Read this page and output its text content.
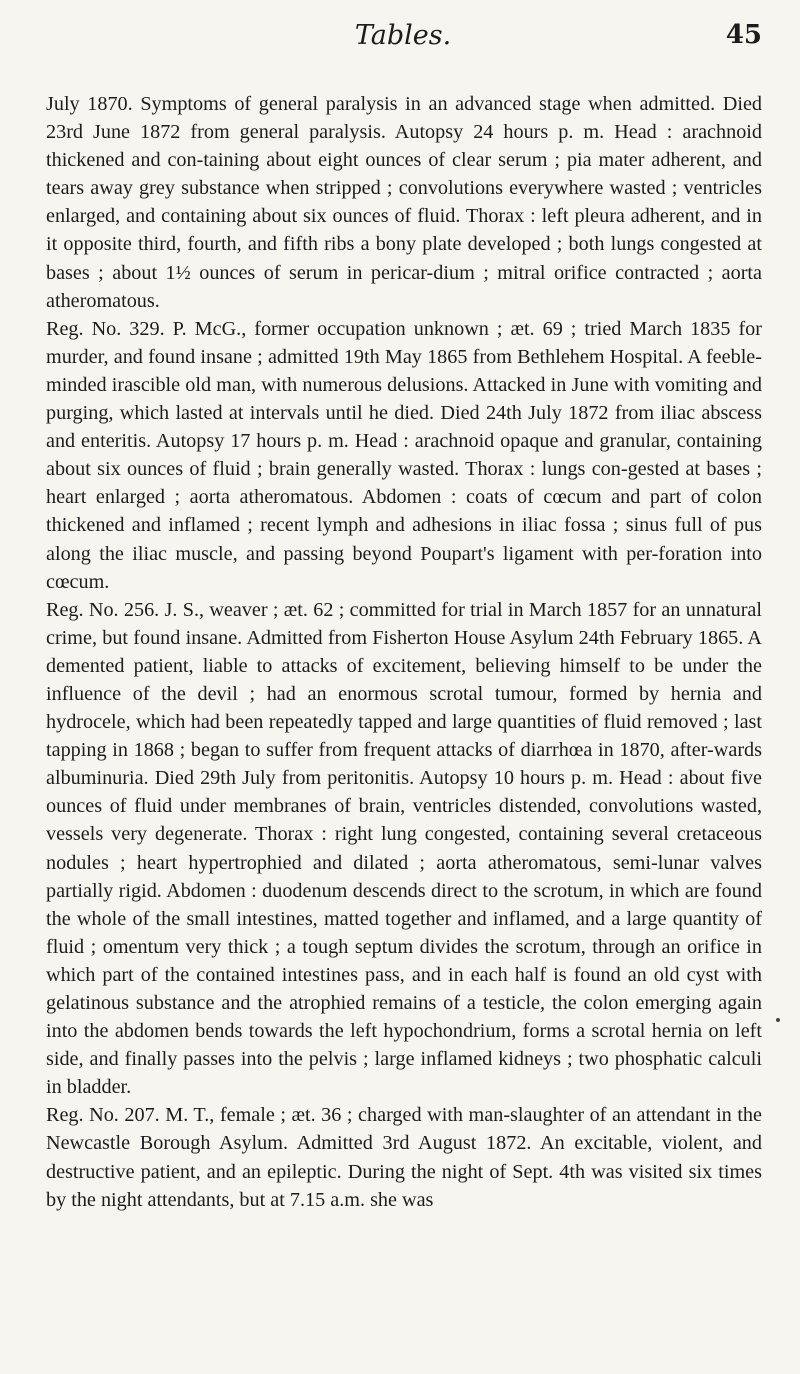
Tables.	45

July 1870. Symptoms of general paralysis in an advanced stage when admitted. Died 23rd June 1872 from general paralysis. Autopsy 24 hours p. m. Head : arachnoid thickened and con-taining about eight ounces of clear serum ; pia mater adherent, and tears away grey substance when stripped ; convolutions everywhere wasted ; ventricles enlarged, and containing about six ounces of fluid. Thorax : left pleura adherent, and in it opposite third, fourth, and fifth ribs a bony plate developed ; both lungs congested at bases ; about 1½ ounces of serum in pericar-dium ; mitral orifice contracted ; aorta atheromatous.

Reg. No. 329. P. McG., former occupation unknown ; æt. 69 ; tried March 1835 for murder, and found insane ; admitted 19th May 1865 from Bethlehem Hospital. A feeble-minded irascible old man, with numerous delusions. Attacked in June with vomiting and purging, which lasted at intervals until he died. Died 24th July 1872 from iliac abscess and enteritis. Autopsy 17 hours p. m. Head : arachnoid opaque and granular, containing about six ounces of fluid ; brain generally wasted. Thorax : lungs con-gested at bases ; heart enlarged ; aorta atheromatous. Abdomen : coats of cœcum and part of colon thickened and inflamed ; recent lymph and adhesions in iliac fossa ; sinus full of pus along the iliac muscle, and passing beyond Poupart's ligament with per-foration into cœcum.

Reg. No. 256. J. S., weaver ; æt. 62 ; committed for trial in March 1857 for an unnatural crime, but found insane. Admitted from Fisherton House Asylum 24th February 1865. A demented patient, liable to attacks of excitement, believing himself to be under the influence of the devil ; had an enormous scrotal tumour, formed by hernia and hydrocele, which had been repeatedly tapped and large quantities of fluid removed ; last tapping in 1868 ; began to suffer from frequent attacks of diarrhœa in 1870, after-wards albuminuria. Died 29th July from peritonitis. Autopsy 10 hours p. m. Head : about five ounces of fluid under membranes of brain, ventricles distended, convolutions wasted, vessels very degenerate. Thorax : right lung congested, containing several cretaceous nodules ; heart hypertrophied and dilated ; aorta atheromatous, semi-lunar valves partially rigid. Abdomen : duodenum descends direct to the scrotum, in which are found the whole of the small intestines, matted together and inflamed, and a large quantity of fluid ; omentum very thick ; a tough septum divides the scrotum, through an orifice in which part of the contained intestines pass, and in each half is found an old cyst with gelatinous substance and the atrophied remains of a testicle, the colon emerging again into the abdomen bends towards the left hypochondrium, forms a scrotal hernia on left side, and finally passes into the pelvis ; large inflamed kidneys ; two phosphatic calculi in bladder.

Reg. No. 207. M. T., female ; æt. 36 ; charged with man-slaughter of an attendant in the Newcastle Borough Asylum. Admitted 3rd August 1872. An excitable, violent, and destructive patient, and an epileptic. During the night of Sept. 4th was visited six times by the night attendants, but at 7.15 a.m. she was
